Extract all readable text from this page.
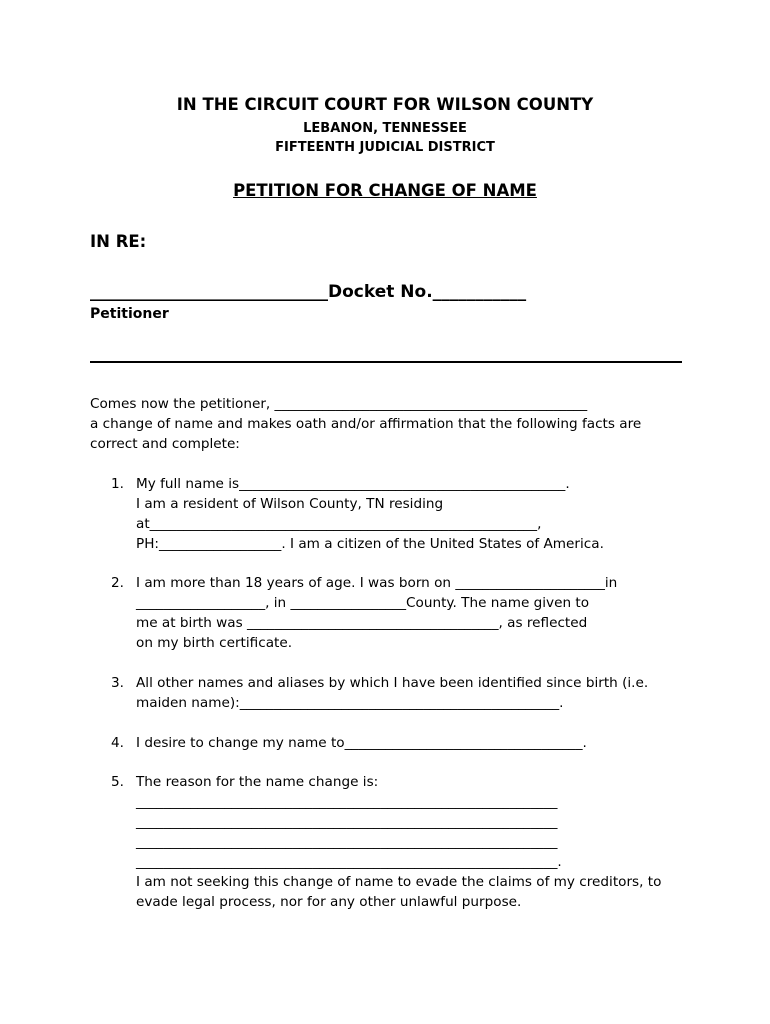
IN THE CIRCUIT COURT FOR WILSON COUNTY
LEBANON, TENNESSEE
FIFTEENTH JUDICIAL DISTRICT
PETITION FOR CHANGE OF NAME
IN RE:
____________________________Docket No.___________
Petitioner
Comes now the petitioner, ______________________________________________
a change of name and makes oath and/or affirmation that the following facts are
correct and complete:
1. My full name is________________________________________________.
I am a resident of Wilson County, TN residing
at_________________________________________________________,
PH:__________________. I am a citizen of the United States of America.
2. I am more than 18 years of age. I was born on ______________________in
___________________, in _________________County. The name given to
me at birth was _____________________________________, as reflected
on my birth certificate.
3. All other names and aliases by which I have been identified since birth (i.e.
maiden name):_______________________________________________.
4. I desire to change my name to___________________________________.
5. The reason for the name change is:
______________________________________________________________
______________________________________________________________
______________________________________________________________
______________________________________________________________.
I am not seeking this change of name to evade the claims of my creditors, to
evade legal process, nor for any other unlawful purpose.
